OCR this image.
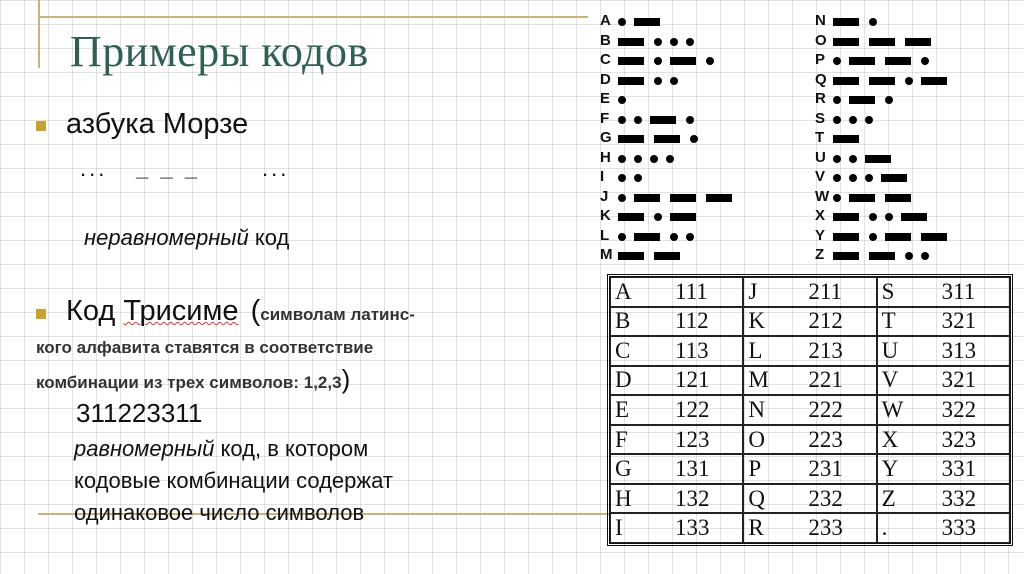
Примеры кодов
азбука Морзе
... _ _ _	...
неравномерный код
Код Трисиме (символам латинс-
кого алфавита ставятся в соответствие
комбинации из трех символов: 1,2,3)
311223311
равномерный код, в котором
кодовые комбинации содержат
одинаковое число символов
A
B
C
D
E
F
G
H
I
J
K
L
M
N
O
P
Q
R
S
T
U
V
W
X
Y
Z
A 111 J 211 S 311
B 112 K 212 T 321
C 113 L 213 U 313
D 121 M 221 V 321
E 122 N 222 W 322
F 123 O 223 X 323
G 131 P 231 Y 331
H 132 Q 232 Z 332
I 133 R 233 . 333
